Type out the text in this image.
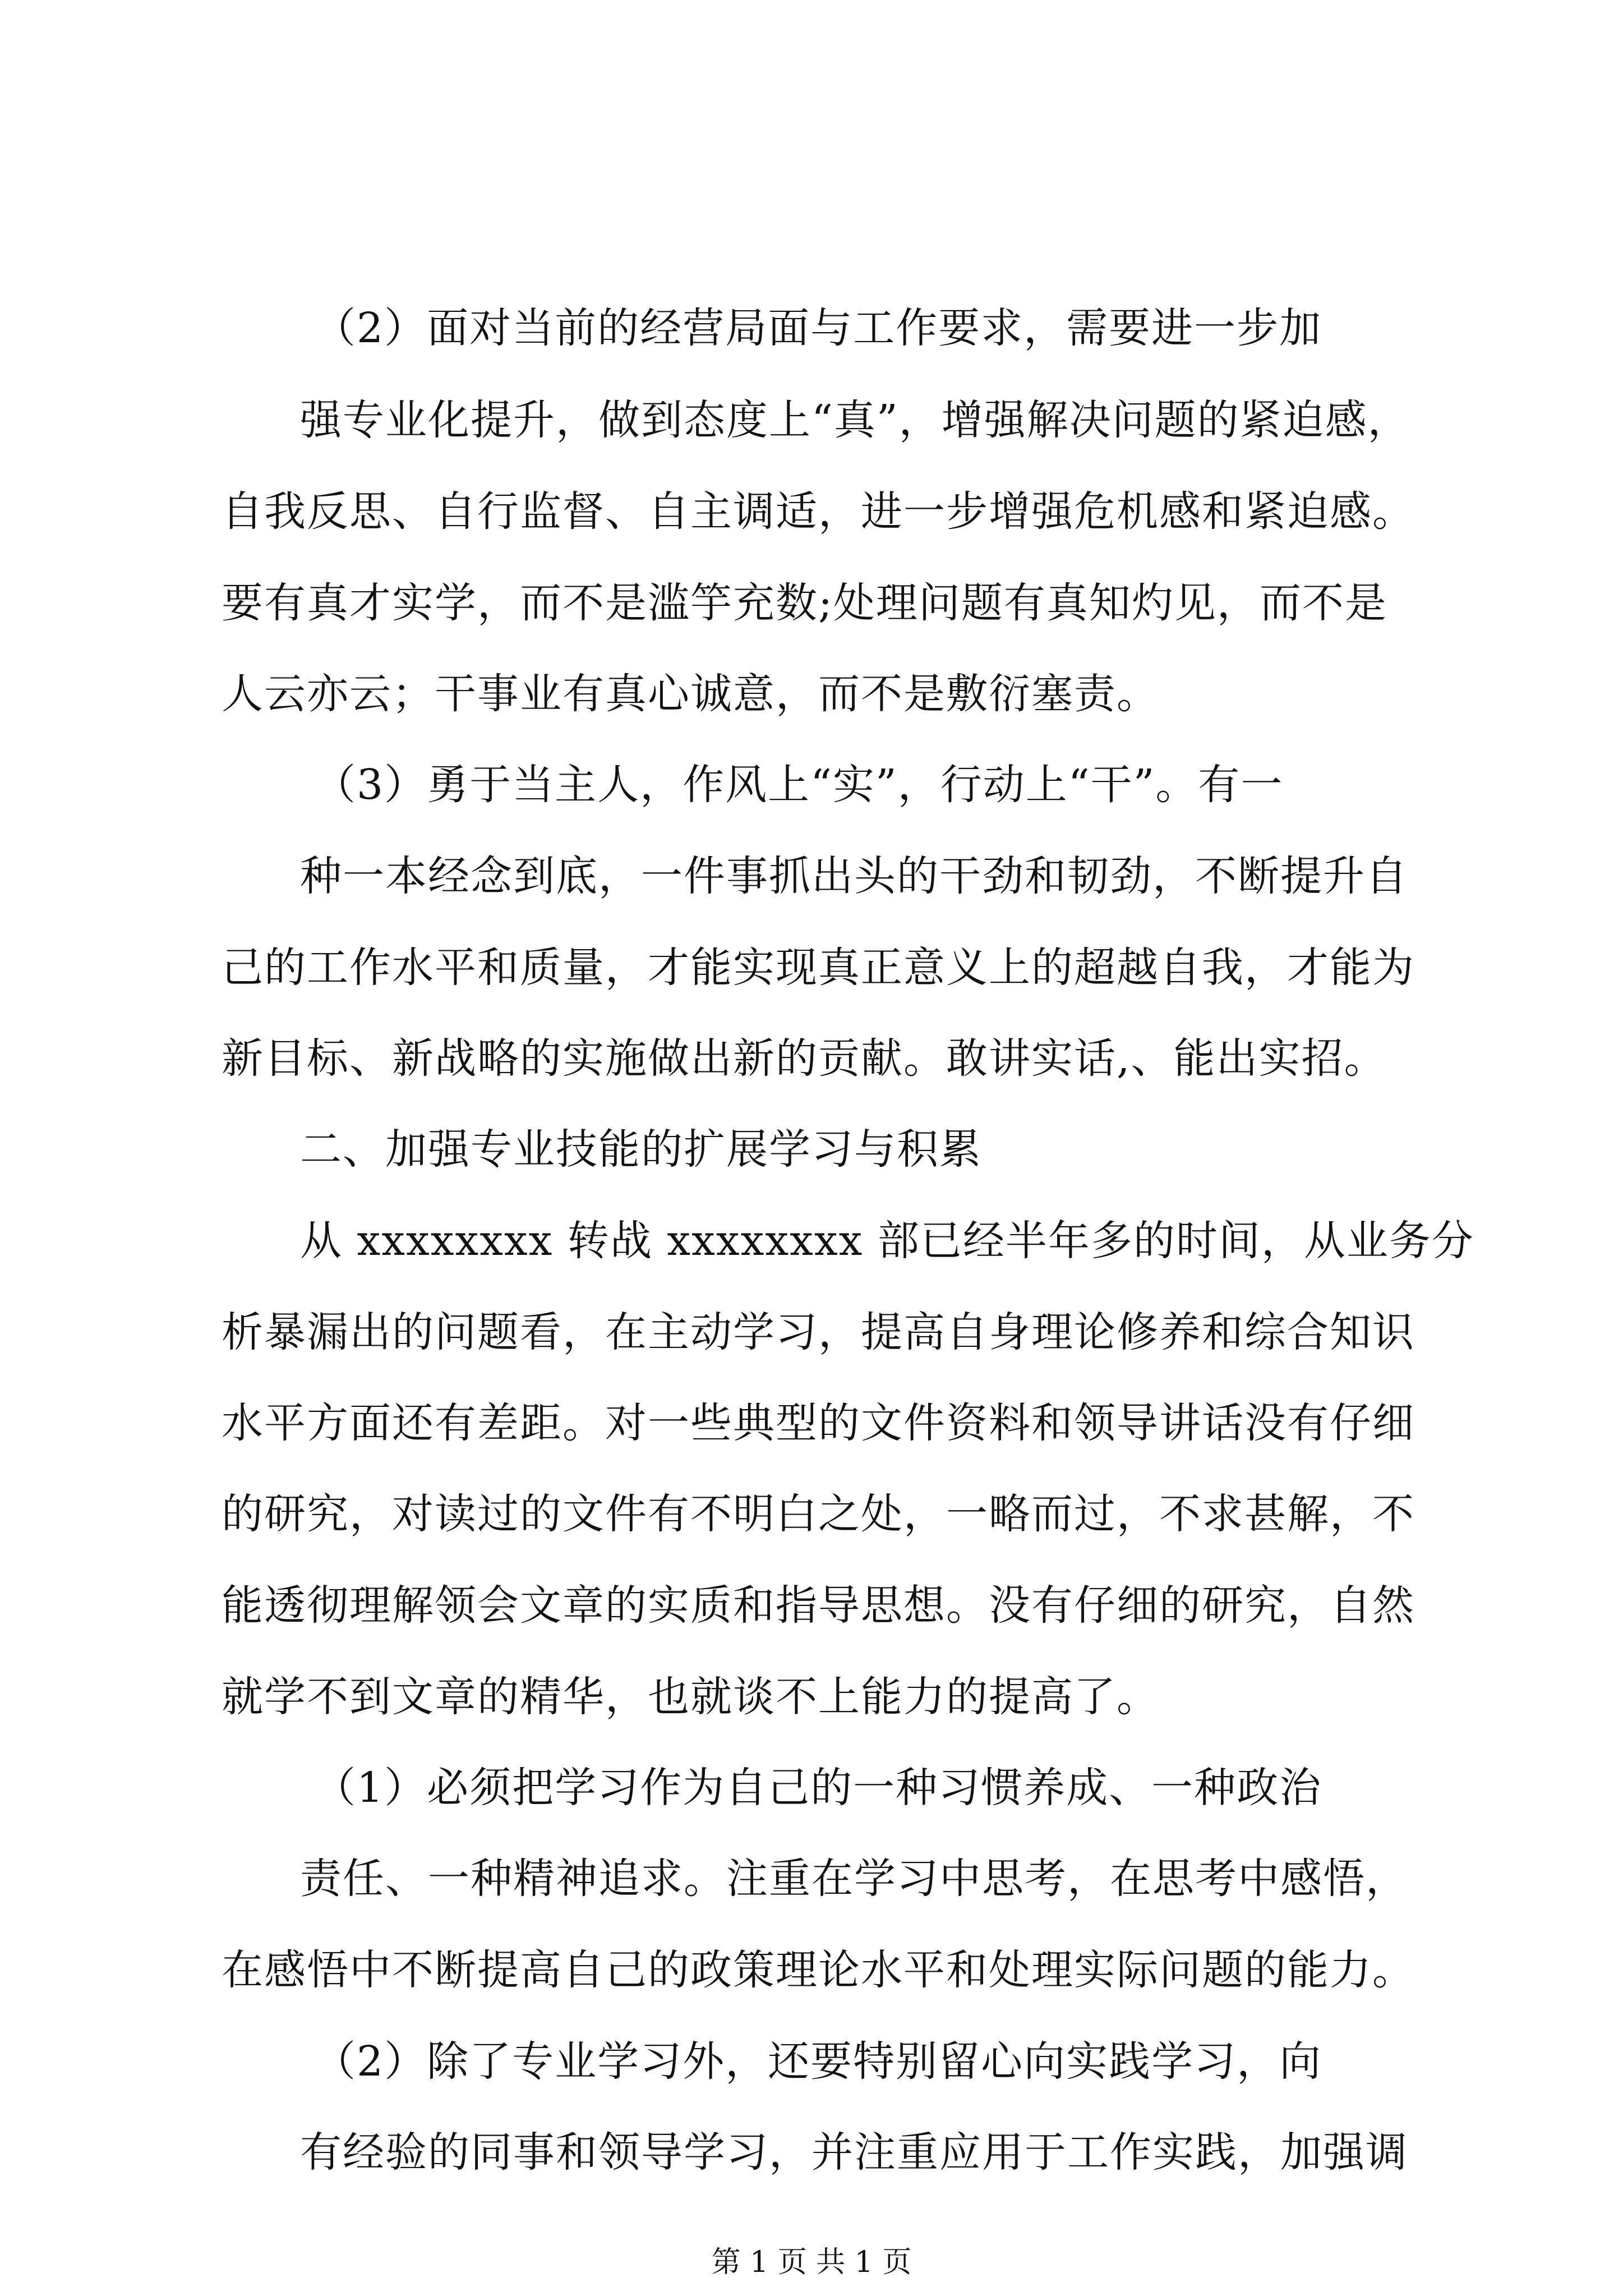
（2）面对当前的经营局面与工作要求，需要进一步加
强专业化提升，做到态度上“真”，增强解决问题的紧迫感，
自我反思、自行监督、自主调适，进一步增强危机感和紧迫感。
要有真才实学，而不是滥竽充数;处理问题有真知灼见，而不是
人云亦云；干事业有真心诚意，而不是敷衍塞责。
（3）勇于当主人，作风上“实”，行动上“干”。有一
种一本经念到底，一件事抓出头的干劲和韧劲，不断提升自
己的工作水平和质量，才能实现真正意义上的超越自我，才能为
新目标、新战略的实施做出新的贡献。敢讲实话,、能出实招。
二、加强专业技能的扩展学习与积累
从 xxxxxxxx 转战 xxxxxxxx 部已经半年多的时间，从业务分
析暴漏出的问题看，在主动学习，提高自身理论修养和综合知识
水平方面还有差距。对一些典型的文件资料和领导讲话没有仔细
的研究，对读过的文件有不明白之处，一略而过，不求甚解，不
能透彻理解领会文章的实质和指导思想。没有仔细的研究，自然
就学不到文章的精华，也就谈不上能力的提高了。
（1）必须把学习作为自己的一种习惯养成、一种政治
责任、一种精神追求。注重在学习中思考，在思考中感悟，
在感悟中不断提高自己的政策理论水平和处理实际问题的能力。
（2）除了专业学习外，还要特别留心向实践学习，向
有经验的同事和领导学习，并注重应用于工作实践，加强调
第 1 页 共 1 页
